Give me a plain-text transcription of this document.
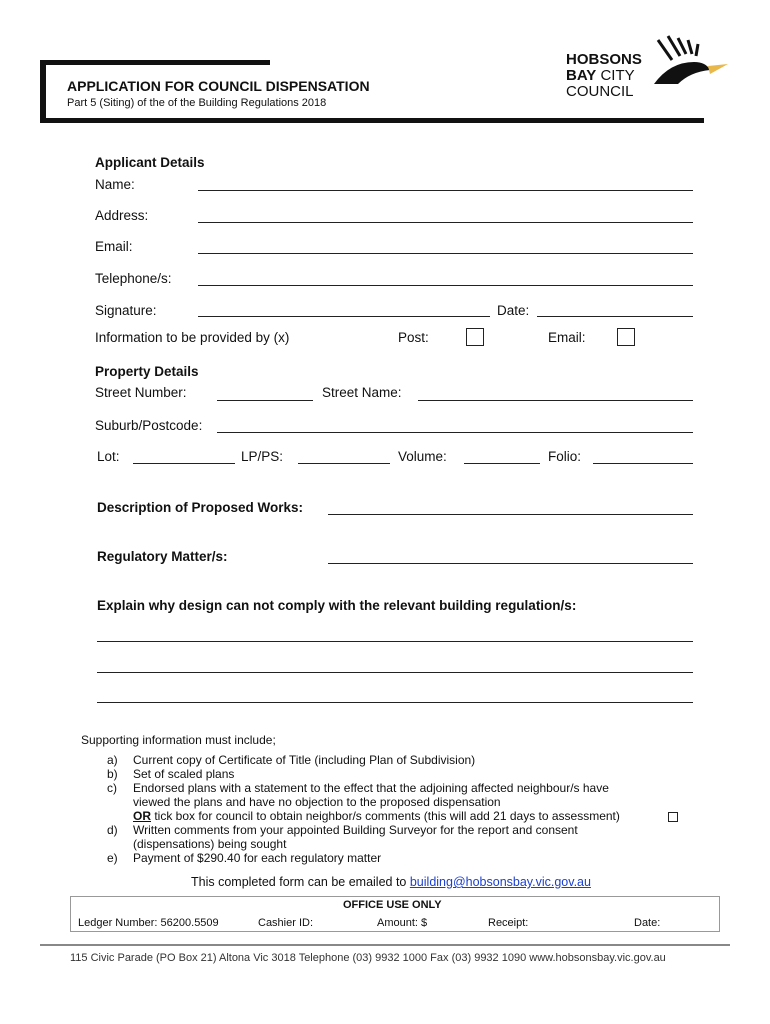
APPLICATION FOR COUNCIL DISPENSATION
Part 5 (Siting) of the of the Building Regulations 2018
HOBSONS
BAY CITY
COUNCIL
Applicant Details
Name:
Address:
Email:
Telephone/s:
Signature:	Date:
Information to be provided by (x)	Post:	Email:
Property Details
Street Number:	Street Name:
Suburb/Postcode:
Lot:	LP/PS:	Volume:	Folio:
Description of Proposed Works:
Regulatory Matter/s:
Explain why design can not comply with the relevant building regulation/s:
Supporting information must include;
a) Current copy of Certificate of Title (including Plan of Subdivision)
b) Set of scaled plans
c) Endorsed plans with a statement to the effect that the adjoining affected neighbour/s have
viewed the plans and have no objection to the proposed dispensation
OR tick box for council to obtain neighbor/s comments (this will add 21 days to assessment)
d) Written comments from your appointed Building Surveyor for the report and consent
(dispensations) being sought
e) Payment of $290.40 for each regulatory matter
This completed form can be emailed to building@hobsonsbay.vic.gov.au
OFFICE USE ONLY
Ledger Number: 56200.5509	Cashier ID:	Amount: $	Receipt:	Date:
115 Civic Parade (PO Box 21) Altona Vic 3018 Telephone (03) 9932 1000 Fax (03) 9932 1090 www.hobsonsbay.vic.gov.au
